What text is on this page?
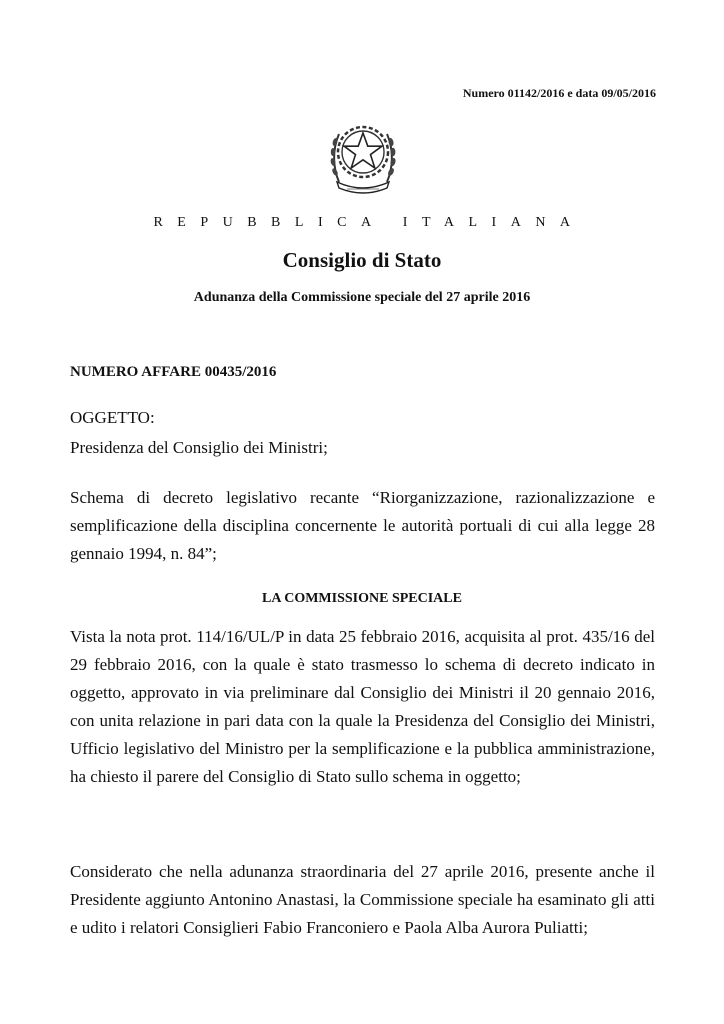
Numero 01142/2016 e data 09/05/2016
REPUBBLICA ITALIANA
Consiglio di Stato
Adunanza della Commissione speciale del 27 aprile 2016
NUMERO AFFARE 00435/2016
OGGETTO:
Presidenza del Consiglio dei Ministri;
Schema di decreto legislativo recante “Riorganizzazione, razionalizzazione e semplificazione della disciplina concernente le autorità portuali di cui alla legge 28 gennaio 1994, n. 84”;
LA COMMISSIONE SPECIALE
Vista la nota prot. 114/16/UL/P in data 25 febbraio 2016, acquisita al prot. 435/16 del 29 febbraio 2016, con la quale è stato trasmesso lo schema di decreto indicato in oggetto, approvato in via preliminare dal Consiglio dei Ministri il 20 gennaio 2016, con unita relazione in pari data con la quale la Presidenza del Consiglio dei Ministri, Ufficio legislativo del Ministro per la semplificazione e la pubblica amministrazione, ha chiesto il parere del Consiglio di Stato sullo schema in oggetto;
Considerato che nella adunanza straordinaria del 27 aprile 2016, presente anche il Presidente aggiunto Antonino Anastasi, la Commissione speciale ha esaminato gli atti e udito i relatori Consiglieri Fabio Franconiero e Paola Alba Aurora Puliatti;
